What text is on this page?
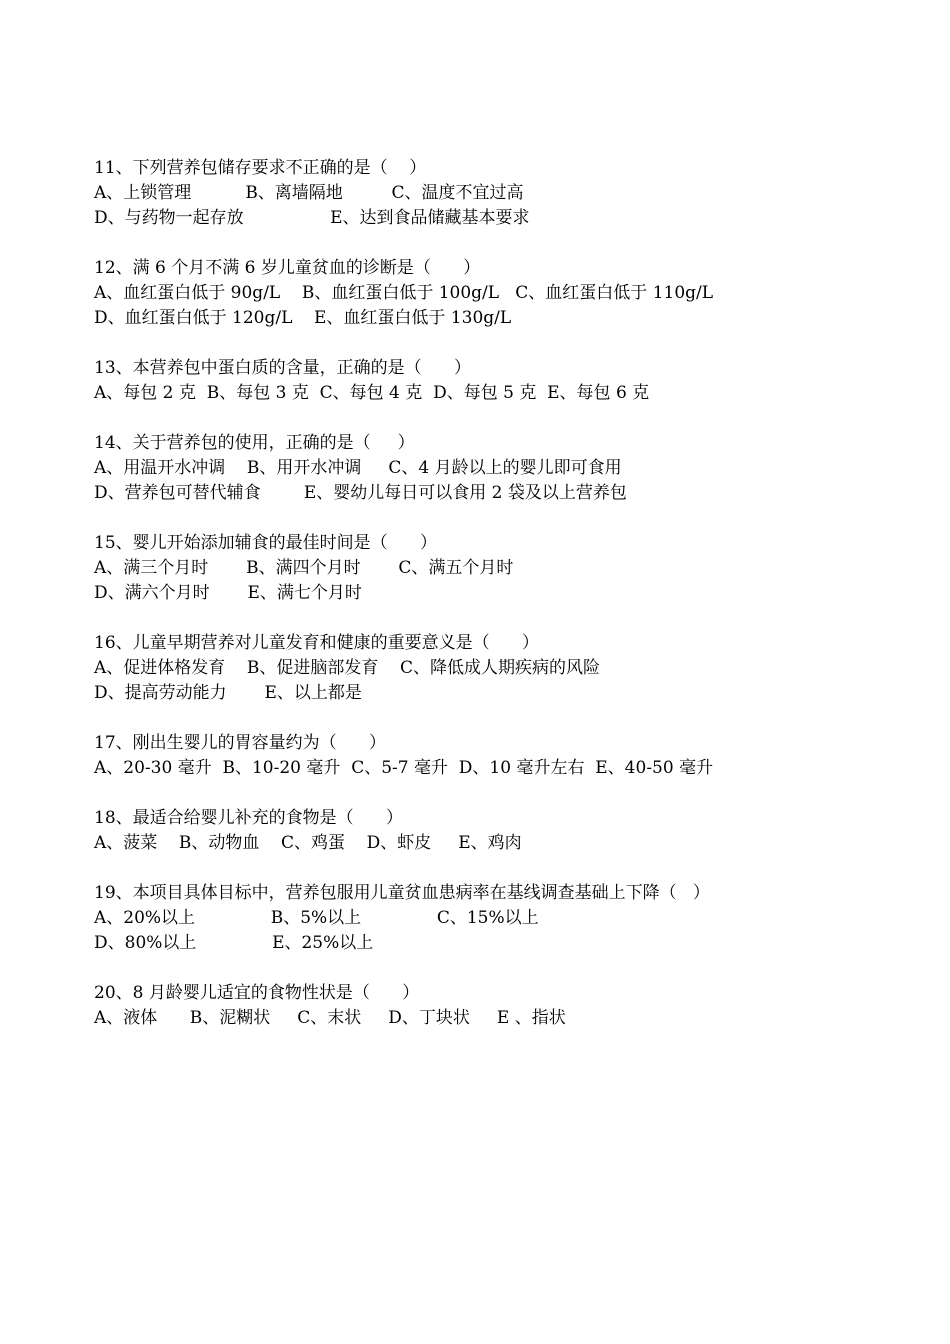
11、下列营养包储存要求不正确的是（    ）
A、上锁管理          B、离墙隔地         C、温度不宜过高
D、与药物一起存放                E、达到食品储藏基本要求
12、满 6 个月不满 6 岁儿童贫血的诊断是（      ）
A、血红蛋白低于 90g/L    B、血红蛋白低于 100g/L   C、血红蛋白低于 110g/L
D、血红蛋白低于 120g/L    E、血红蛋白低于 130g/L
13、本营养包中蛋白质的含量，正确的是（      ）
A、每包 2 克  B、每包 3 克  C、每包 4 克  D、每包 5 克  E、每包 6 克
14、关于营养包的使用，正确的是（     ）
A、用温开水冲调    B、用开水冲调     C、4 月龄以上的婴儿即可食用
D、营养包可替代辅食        E、婴幼儿每日可以食用 2 袋及以上营养包
15、婴儿开始添加辅食的最佳时间是（      ）
A、满三个月时       B、满四个月时       C、满五个月时
D、满六个月时       E、满七个月时
16、儿童早期营养对儿童发育和健康的重要意义是（      ）
A、促进体格发育    B、促进脑部发育    C、降低成人期疾病的风险
D、提高劳动能力       E、以上都是
17、刚出生婴儿的胃容量约为（      ）
A、20-30 毫升  B、10-20 毫升  C、5-7 毫升  D、10 毫升左右  E、40-50 毫升
18、最适合给婴儿补充的食物是（      ）
A、菠菜    B、动物血    C、鸡蛋    D、虾皮     E、鸡肉
19、本项目具体目标中，营养包服用儿童贫血患病率在基线调查基础上下降（   ）
A、20%以上              B、5%以上              C、15%以上
D、80%以上              E、25%以上
20、8 月龄婴儿适宜的食物性状是（      ）
A、液体      B、泥糊状     C、末状     D、丁块状     E 、指状
